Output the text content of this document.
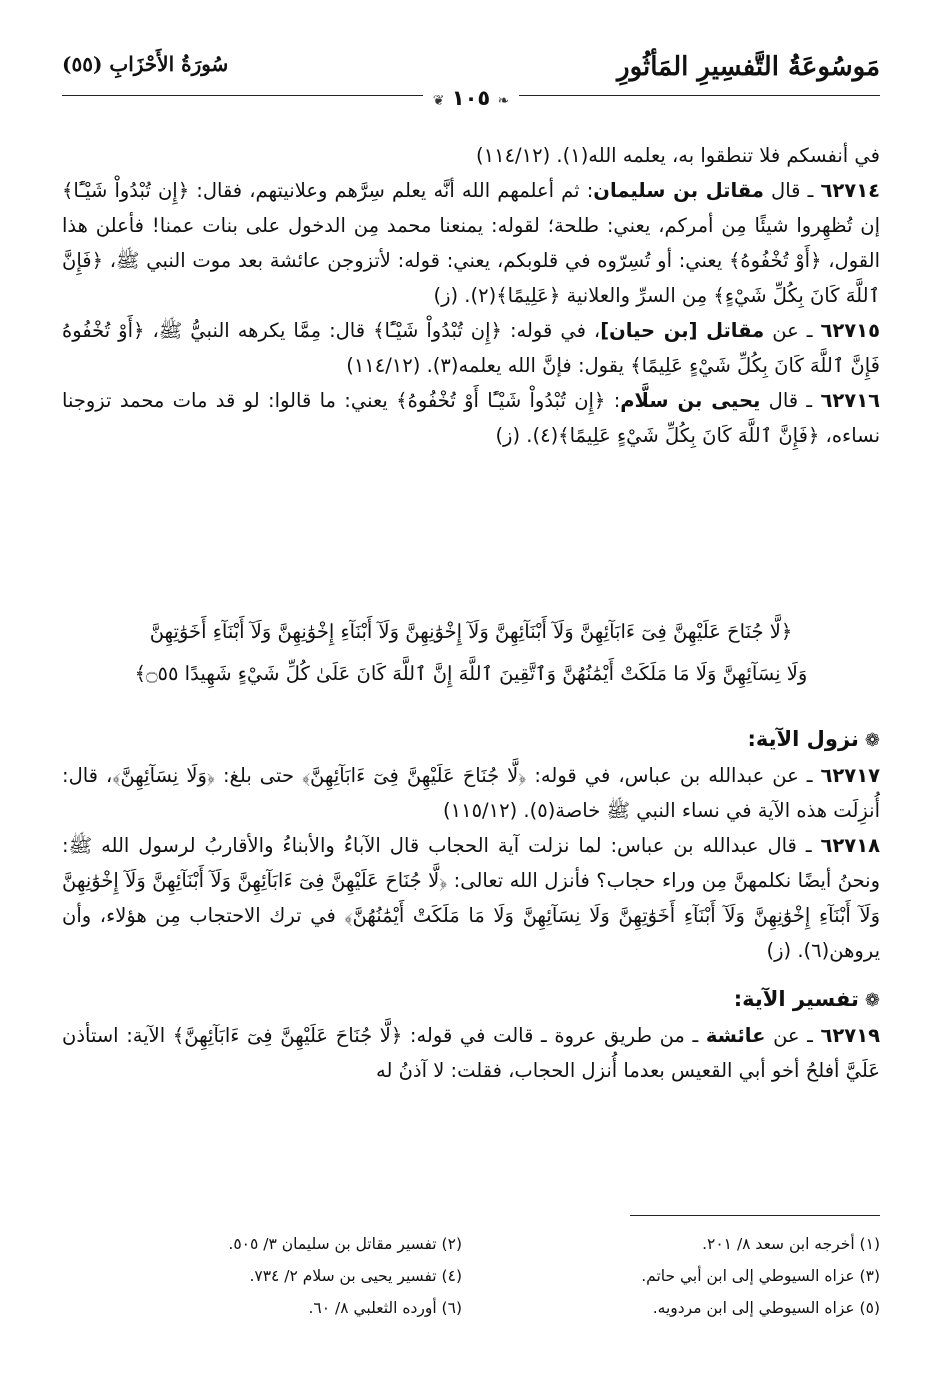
مَوسُوعَةُ التَّفسِيرِ المَأثُورِ
سُورَةُ الأَحْزَابِ (٥٥)
❦ ١٠٥ ❧

في أنفسكم فلا تنطقوا به، يعلمه الله(١). (١١٤/١٢)

٦٢٧١٤ ـ قال مقاتل بن سليمان: ثم أعلمهم الله أنَّه يعلم سِرَّهم وعلانيتهم، فقال: ﴿إِن تُبْدُواْ شَيْـًٔا﴾ إن تُظهِروا شيئًا مِن أمركم، يعني: طلحة؛ لقوله: يمنعنا محمد مِن الدخول على بنات عمنا! فأعلن هذا القول، ﴿أَوْ تُخْفُوهُ﴾ يعني: أو تُسِرّوه في قلوبكم، يعني: قوله: لأتزوجن عائشة بعد موت النبي ﷺ، ﴿فَإِنَّ ٱللَّهَ كَانَ بِكُلِّ شَيْءٍ﴾ مِن السرِّ والعلانية ﴿عَلِيمًا﴾(٢). (ز)

٦٢٧١٥ ـ عن مقاتل [بن حيان]، في قوله: ﴿إِن تُبْدُواْ شَيْـًٔا﴾ قال: مِمَّا يكرهه النبيُّ ﷺ، ﴿أَوْ تُخْفُوهُ فَإِنَّ ٱللَّهَ كَانَ بِكُلِّ شَيْءٍ عَلِيمًا﴾ يقول: فإنَّ الله يعلمه(٣). (١١٤/١٢)

٦٢٧١٦ ـ قال يحيى بن سلَّام: ﴿إِن تُبْدُواْ شَيْـًٔا أَوْ تُخْفُوهُ﴾ يعني: ما قالوا: لو قد مات محمد تزوجنا نساءه، ﴿فَإِنَّ ٱللَّهَ كَانَ بِكُلِّ شَيْءٍ عَلِيمًا﴾(٤). (ز)

﴿لَّا جُنَاحَ عَلَيْهِنَّ فِىٓ ءَابَآئِهِنَّ وَلَآ أَبْنَآئِهِنَّ وَلَآ إِخْوَٰنِهِنَّ وَلَآ أَبْنَآءِ إِخْوَٰنِهِنَّ وَلَآ أَبْنَآءِ أَخَوَٰتِهِنَّ
وَلَا نِسَآئِهِنَّ وَلَا مَا مَلَكَتْ أَيْمَٰنُهُنَّ وَٱتَّقِينَ ٱللَّهَ إِنَّ ٱللَّهَ كَانَ عَلَىٰ كُلِّ شَيْءٍ شَهِيدًا ۝٥٥﴾

❁نزول الآية:

٦٢٧١٧ ـ عن عبدالله بن عباس، في قوله: ﴿لَّا جُنَاحَ عَلَيْهِنَّ فِىٓ ءَابَآئِهِنَّ﴾ حتى بلغ: ﴿وَلَا نِسَآئِهِنَّ﴾، قال: أُنزِلَت هذه الآية في نساء النبي ﷺ خاصة(٥). (١١٥/١٢)

٦٢٧١٨ ـ قال عبدالله بن عباس: لما نزلت آية الحجاب قال الآباءُ والأبناءُ والأقاربُ لرسول الله ﷺ: ونحنُ أيضًا نكلمهنَّ مِن وراء حجاب؟ فأنزل الله تعالى: ﴿لَّا جُنَاحَ عَلَيْهِنَّ فِىٓ ءَابَآئِهِنَّ وَلَآ أَبْنَآئِهِنَّ وَلَآ إِخْوَٰنِهِنَّ وَلَآ أَبْنَآءِ إِخْوَٰنِهِنَّ وَلَآ أَبْنَآءِ أَخَوَٰتِهِنَّ وَلَا نِسَآئِهِنَّ وَلَا مَا مَلَكَتْ أَيْمَٰنُهُنَّ﴾ في ترك الاحتجاب مِن هؤلاء، وأن يروهن(٦). (ز)

❁تفسير الآية:

٦٢٧١٩ ـ عن عائشة ـ من طريق عروة ـ قالت في قوله: ﴿لَّا جُنَاحَ عَلَيْهِنَّ فِىٓ ءَابَآئِهِنَّ﴾ الآية: استأذن عَلَيَّ أفلحُ أخو أبي القعيس بعدما أُنزل الحجاب، فقلت: لا آذنُ له

(١) أخرجه ابن سعد ٨/ ٢٠١.
(٣) عزاه السيوطي إلى ابن أبي حاتم.
(٥) عزاه السيوطي إلى ابن مردويه.
(٢) تفسير مقاتل بن سليمان ٣/ ٥٠٥.
(٤) تفسير يحيى بن سلام ٢/ ٧٣٤.
(٦) أورده الثعلبي ٨/ ٦٠.
